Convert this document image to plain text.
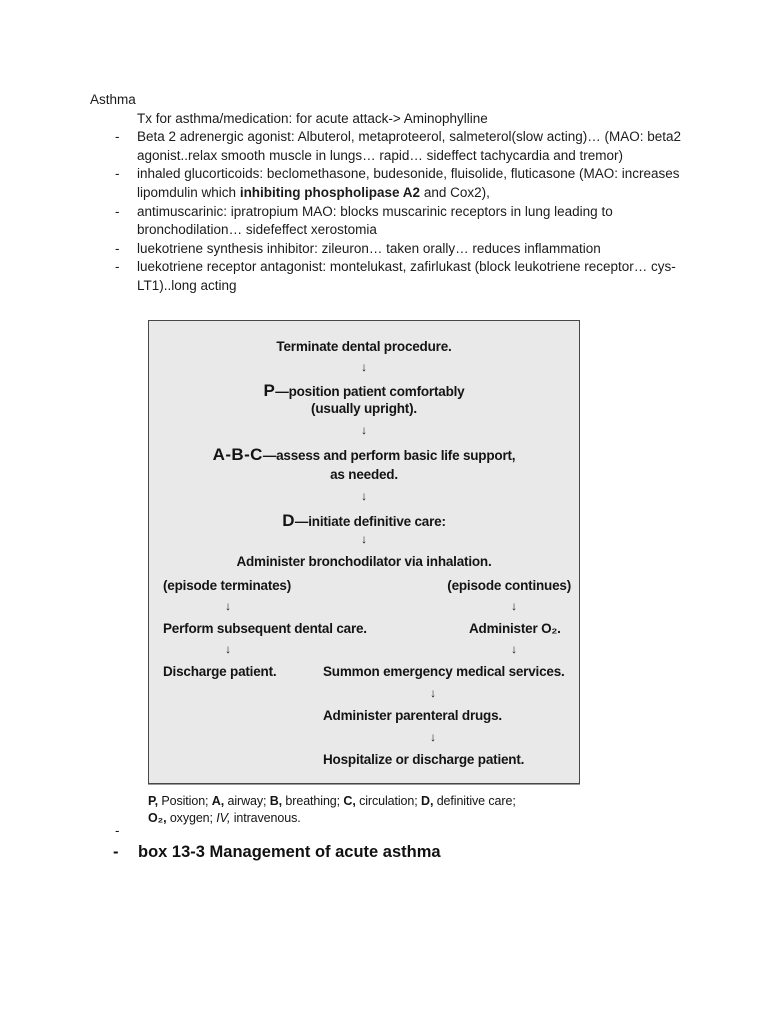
Asthma
Tx for asthma/medication: for acute attack-> Aminophylline
-	Beta 2 adrenergic agonist: Albuterol, metaproteerol, salmeterol(slow acting)… (MAO: beta2 agonist..relax smooth muscle in lungs… rapid… sideffect tachycardia and tremor)
-	inhaled glucorticoids: beclomethasone, budesonide, fluisolide, fluticasone (MAO: increases lipomdulin which inhibiting phospholipase A2 and Cox2),
-	antimuscarinic: ipratropium MAO: blocks muscarinic receptors in lung leading to bronchodilation… sidefeffect xerostomia
-	luekotriene synthesis inhibitor: zileuron… taken orally… reduces inflammation
-	luekotriene receptor antagonist: montelukast, zafirlukast (block leukotriene receptor… cys-LT1)..long acting
Terminate dental procedure.
↓
P—position patient comfortably
(usually upright).
↓
A-B-C—assess and perform basic life support,
as needed.
↓
D—initiate definitive care:
↓
Administer bronchodilator via inhalation.
(episode terminates)	(episode continues)
↓	↓
Perform subsequent dental care.	Administer O₂.
↓	↓
Discharge patient.	Summon emergency medical services.
↓
Administer parenteral drugs.
↓
Hospitalize or discharge patient.
P, Position; A, airway; B, breathing; C, circulation; D, definitive care;
O₂, oxygen; IV, intravenous.
-
-	box 13-3 Management of acute asthma
